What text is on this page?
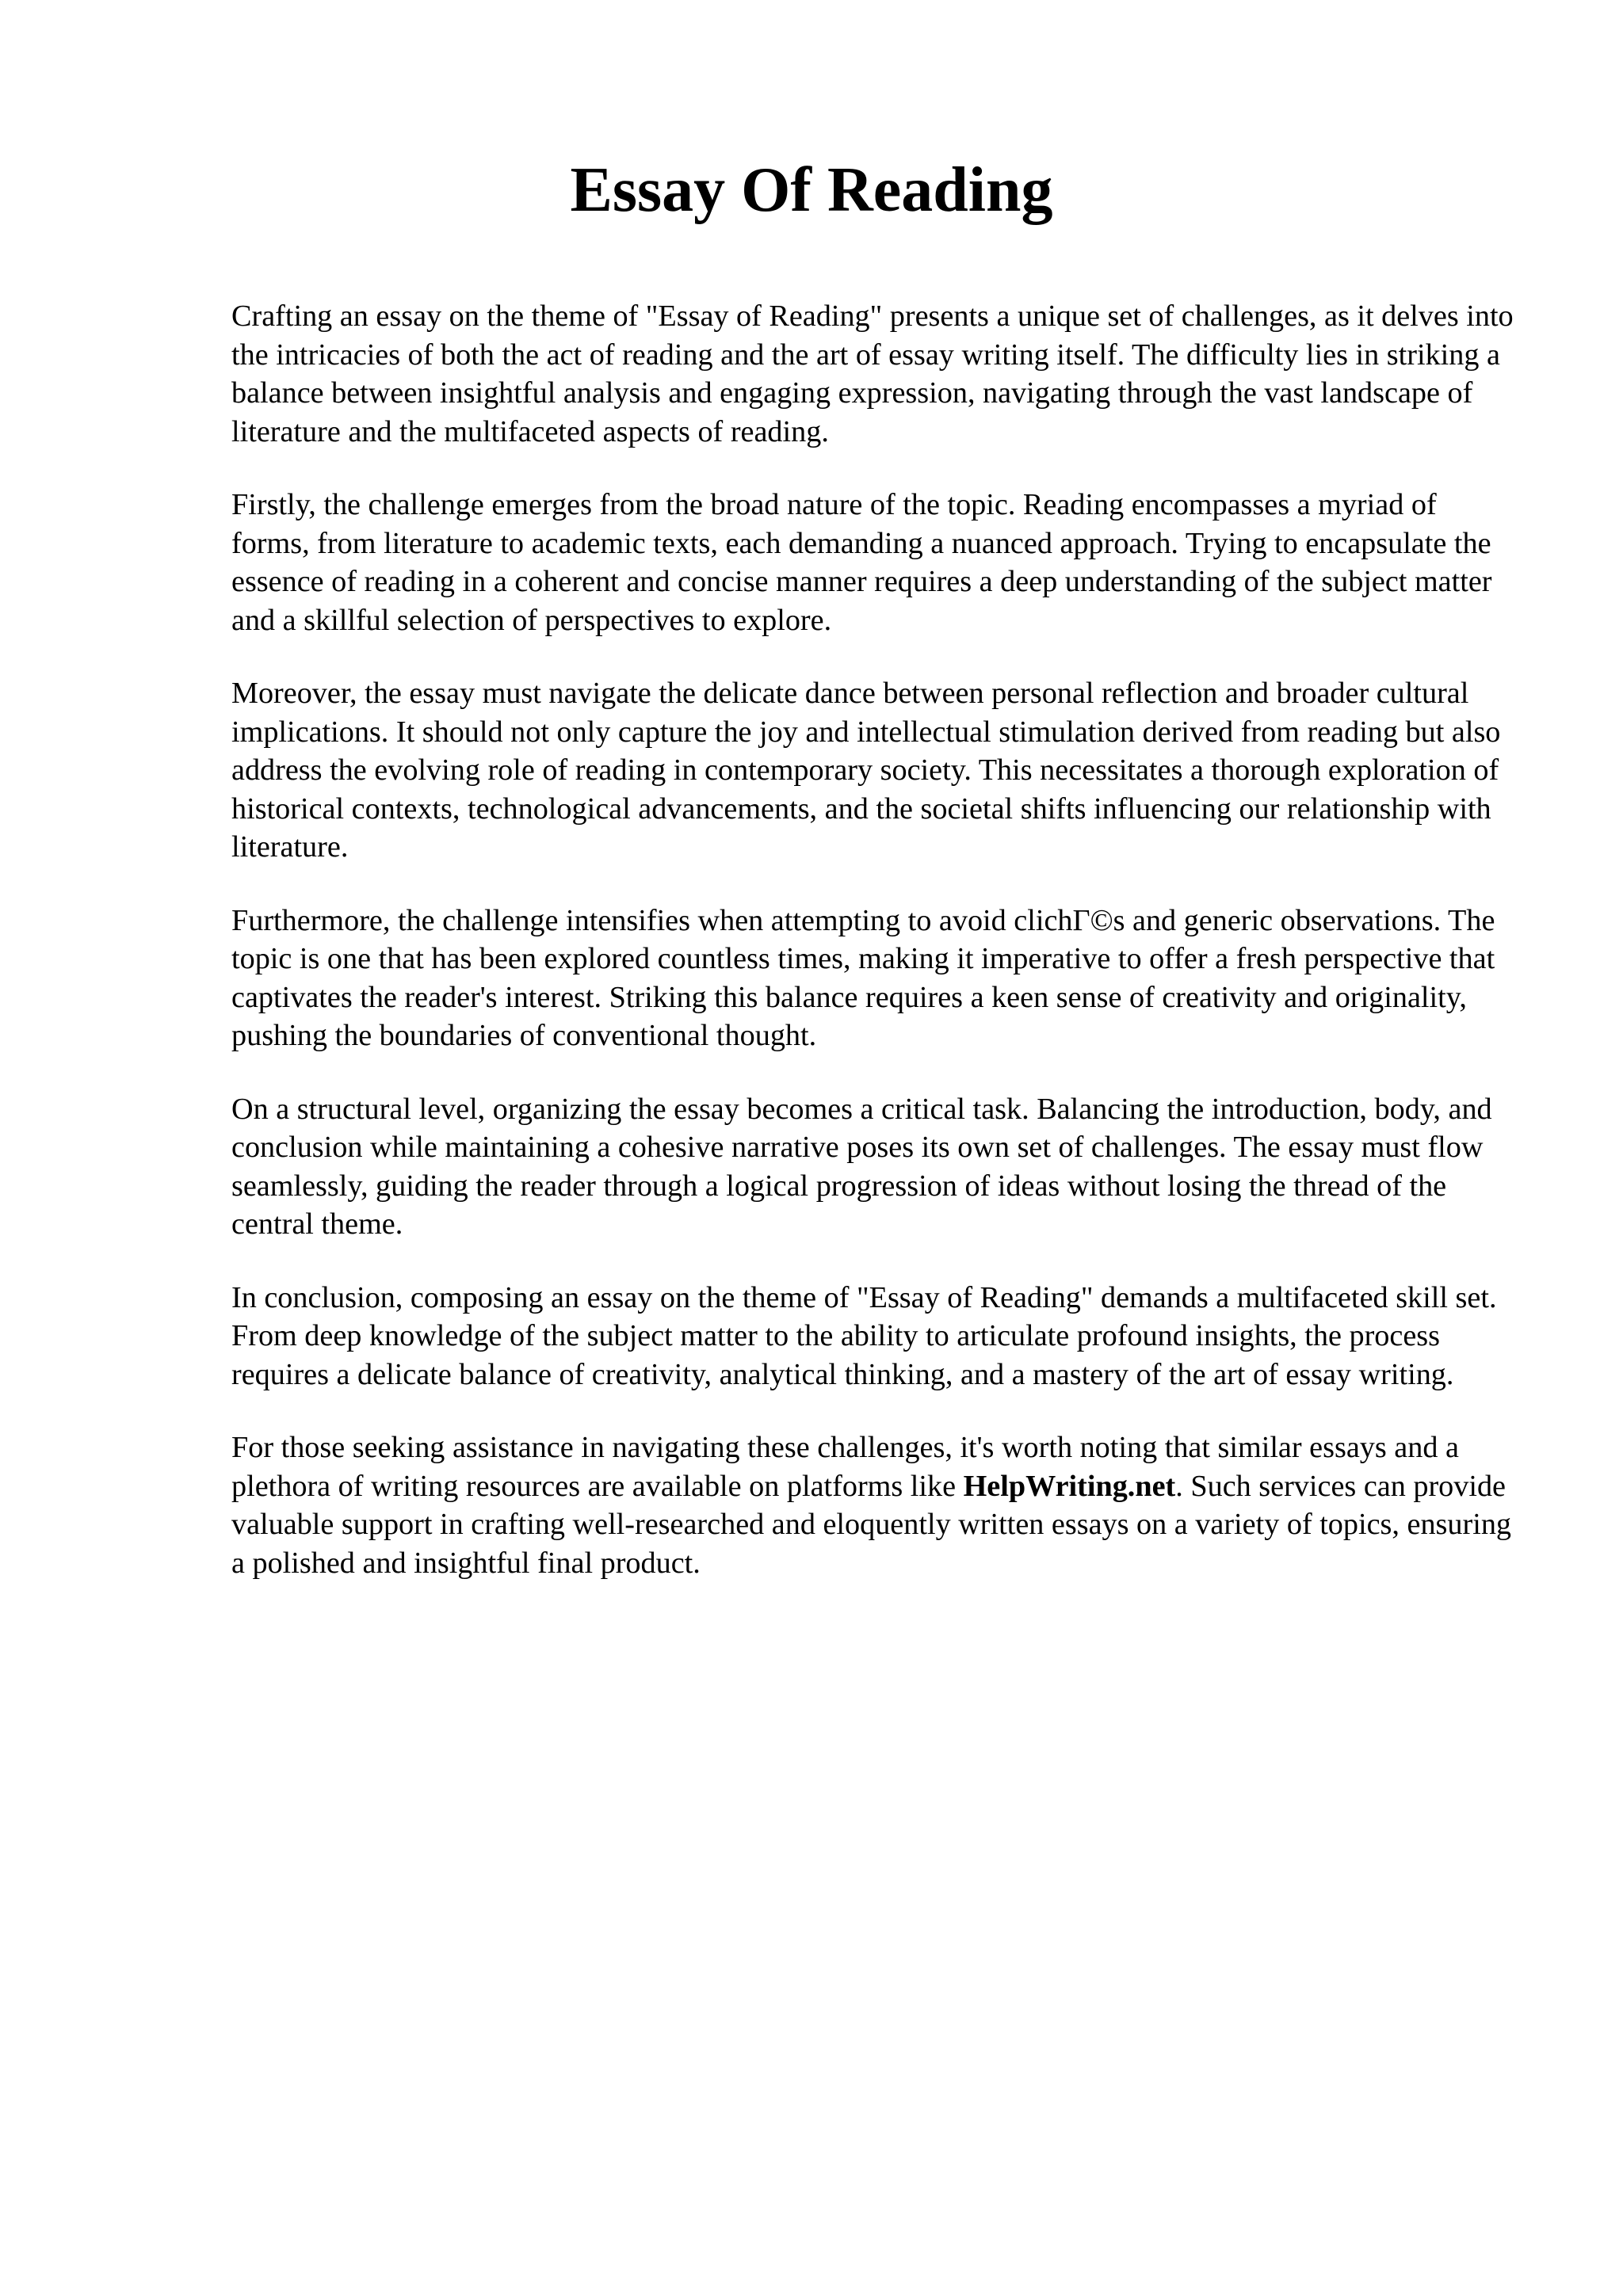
Essay Of Reading

Crafting an essay on the theme of "Essay of Reading" presents a unique set of challenges, as it delves into the intricacies of both the act of reading and the art of essay writing itself. The difficulty lies in striking a balance between insightful analysis and engaging expression, navigating through the vast landscape of literature and the multifaceted aspects of reading.

Firstly, the challenge emerges from the broad nature of the topic. Reading encompasses a myriad of forms, from literature to academic texts, each demanding a nuanced approach. Trying to encapsulate the essence of reading in a coherent and concise manner requires a deep understanding of the subject matter and a skillful selection of perspectives to explore.

Moreover, the essay must navigate the delicate dance between personal reflection and broader cultural implications. It should not only capture the joy and intellectual stimulation derived from reading but also address the evolving role of reading in contemporary society. This necessitates a thorough exploration of historical contexts, technological advancements, and the societal shifts influencing our relationship with literature.

Furthermore, the challenge intensifies when attempting to avoid clichΓ©s and generic observations. The topic is one that has been explored countless times, making it imperative to offer a fresh perspective that captivates the reader's interest. Striking this balance requires a keen sense of creativity and originality, pushing the boundaries of conventional thought.

On a structural level, organizing the essay becomes a critical task. Balancing the introduction, body, and conclusion while maintaining a cohesive narrative poses its own set of challenges. The essay must flow seamlessly, guiding the reader through a logical progression of ideas without losing the thread of the central theme.

In conclusion, composing an essay on the theme of "Essay of Reading" demands a multifaceted skill set. From deep knowledge of the subject matter to the ability to articulate profound insights, the process requires a delicate balance of creativity, analytical thinking, and a mastery of the art of essay writing.

For those seeking assistance in navigating these challenges, it's worth noting that similar essays and a plethora of writing resources are available on platforms like HelpWriting.net. Such services can provide valuable support in crafting well-researched and eloquently written essays on a variety of topics, ensuring a polished and insightful final product.
